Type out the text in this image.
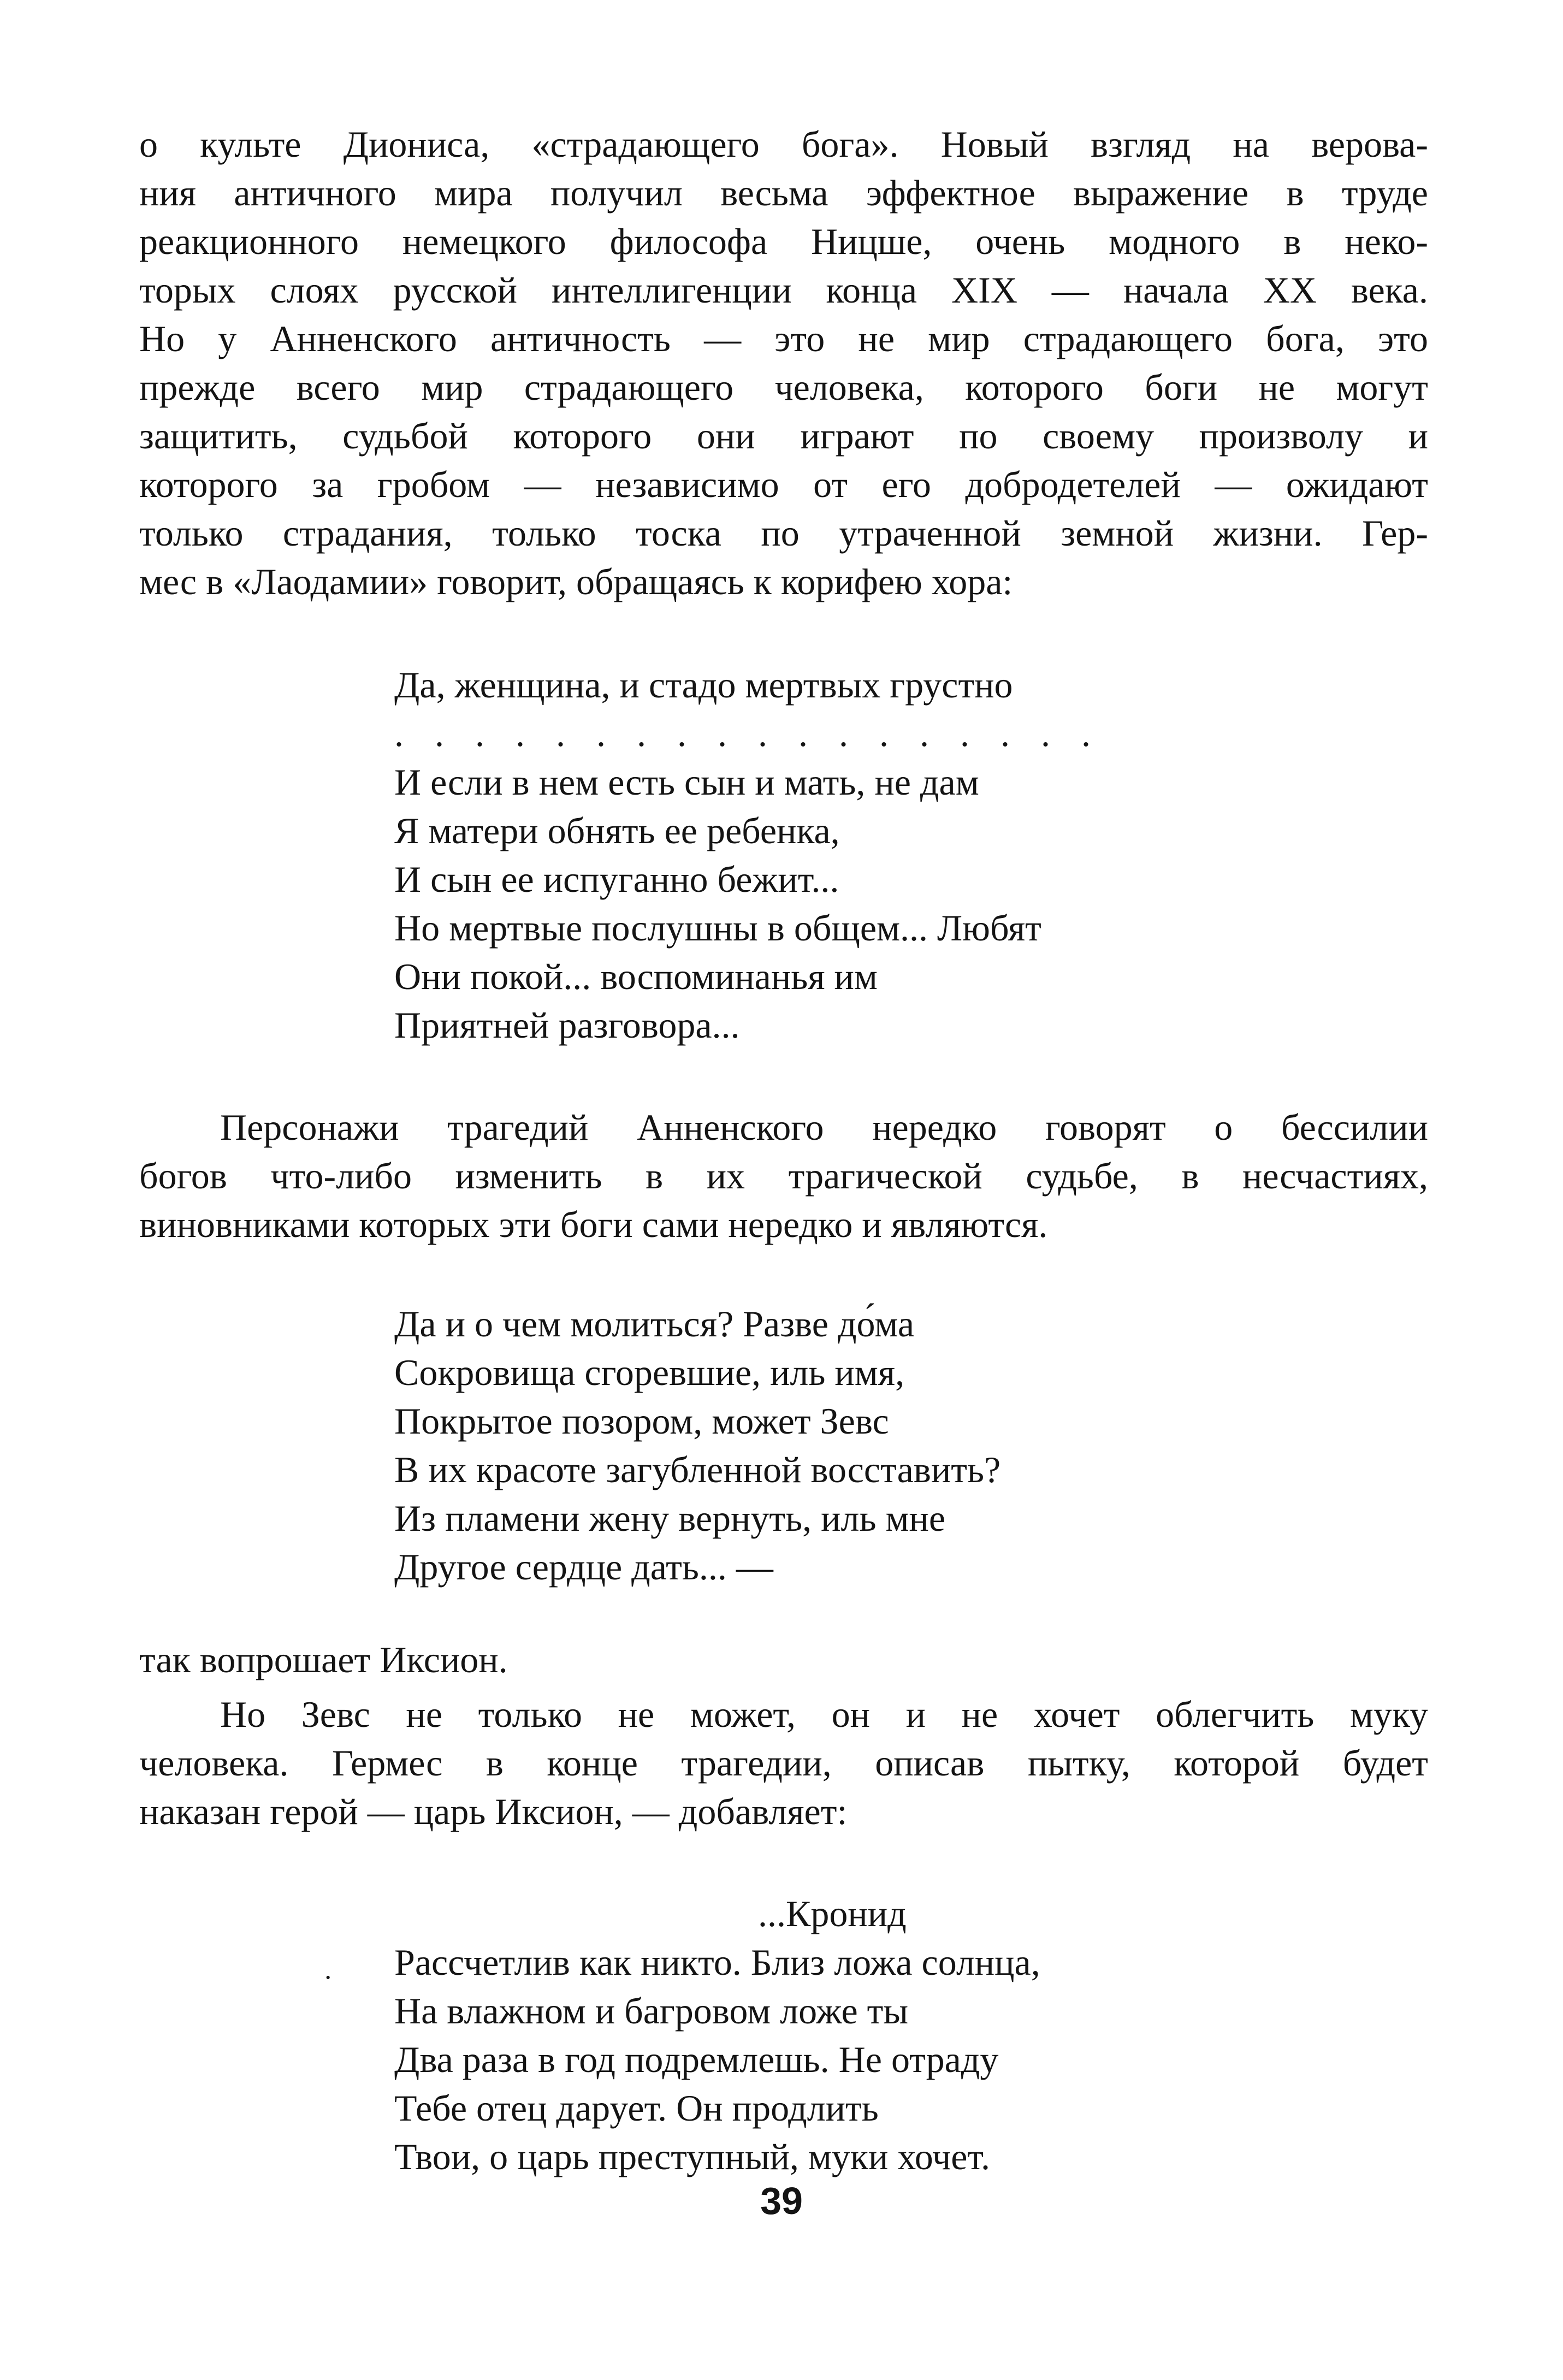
о культе Диониса, «страдающего бога». Новый взгляд на верова-
ния античного мира получил весьма эффектное выражение в труде
реакционного немецкого философа Ницше, очень модного в неко-
торых слоях русской интеллигенции конца XIX — начала XX века.
Но у Анненского античность — это не мир страдающего бога, это
прежде всего мир страдающего человека, которого боги не могут
защитить, судьбой которого они играют по своему произволу и
которого за гробом — независимо от его добродетелей — ожидают
только страдания, только тоска по утраченной земной жизни. Гер-
мес в «Лаодамии» говорит, обращаясь к корифею хора:
Да, женщина, и стадо мертвых грустно
. . . . . . . . . . . . . . . . . .
И если в нем есть сын и мать, не дам
Я матери обнять ее ребенка,
И сын ее испуганно бежит...
Но мертвые послушны в общем... Любят
Они покой... воспоминанья им
Приятней разговора...
Персонажи трагедий Анненского нередко говорят о бессилии
богов что-либо изменить в их трагической судьбе, в несчастиях,
виновниками которых эти боги сами нередко и являются.
Да и о чем молиться? Разве до́ма
Сокровища сгоревшие, иль имя,
Покрытое позором, может Зевс
В их красоте загубленной восставить?
Из пламени жену вернуть, иль мне
Другое сердце дать... —
так вопрошает Иксион.
Но Зевс не только не может, он и не хочет облегчить муку
человека. Гермес в конце трагедии, описав пытку, которой будет
наказан герой — царь Иксион, — добавляет:
...Кронид
Рассчетлив как никто. Близ ложа солнца,
На влажном и багровом ложе ты
Два раза в год подремлешь. Не отраду
Тебе отец дарует. Он продлить
Твои, о царь преступный, муки хочет.
·
39
